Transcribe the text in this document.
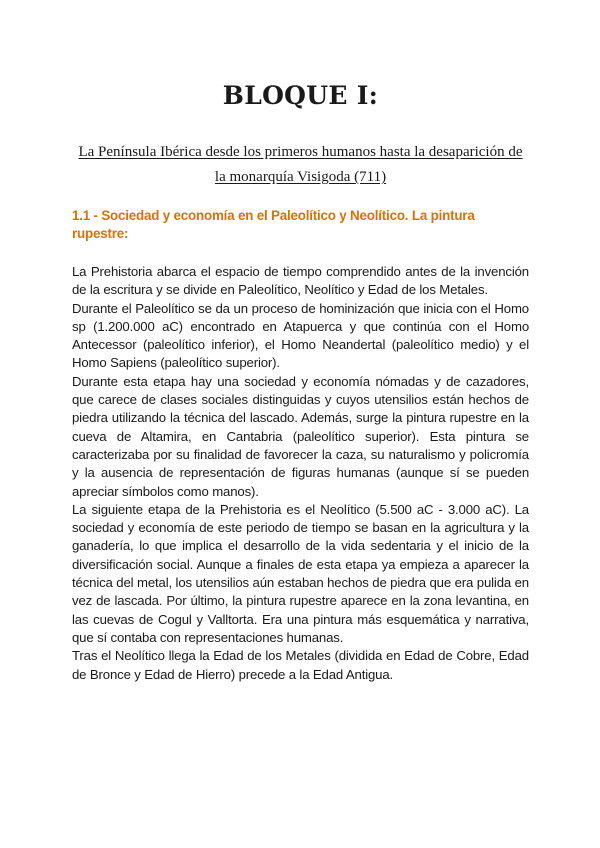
BLOQUE I:

La Península Ibérica desde los primeros humanos hasta la desaparición de la monarquía Visigoda (711)

1.1 - Sociedad y economía en el Paleolítico y Neolítico. La pintura rupestre:

La Prehistoria abarca el espacio de tiempo comprendido antes de la invención de la escritura y se divide en Paleolítico, Neolítico y Edad de los Metales.

Durante el Paleolítico se da un proceso de hominización que inicia con el Homo sp (1.200.000 aC) encontrado en Atapuerca y que continúa con el Homo Antecessor (paleolítico inferior), el Homo Neandertal (paleolítico medio) y el Homo Sapiens (paleolítico superior).

Durante esta etapa hay una sociedad y economía nómadas y de cazadores, que carece de clases sociales distinguidas y cuyos utensilios están hechos de piedra utilizando la técnica del lascado. Además, surge la pintura rupestre en la cueva de Altamira, en Cantabria (paleolítico superior). Esta pintura se caracterizaba por su finalidad de favorecer la caza, su naturalismo y policromía y la ausencia de representación de figuras humanas (aunque sí se pueden apreciar símbolos como manos).

La siguiente etapa de la Prehistoria es el Neolítico (5.500 aC - 3.000 aC). La sociedad y economía de este periodo de tiempo se basan en la agricultura y la ganadería, lo que implica el desarrollo de la vida sedentaria y el inicio de la diversificación social. Aunque a finales de esta etapa ya empieza a aparecer la técnica del metal, los utensilios aún estaban hechos de piedra que era pulida en vez de lascada. Por último, la pintura rupestre aparece en la zona levantina, en las cuevas de Cogul y Valltorta. Era una pintura más esquemática y narrativa, que sí contaba con representaciones humanas.

Tras el Neolítico llega la Edad de los Metales (dividida en Edad de Cobre, Edad de Bronce y Edad de Hierro) precede a la Edad Antigua.
